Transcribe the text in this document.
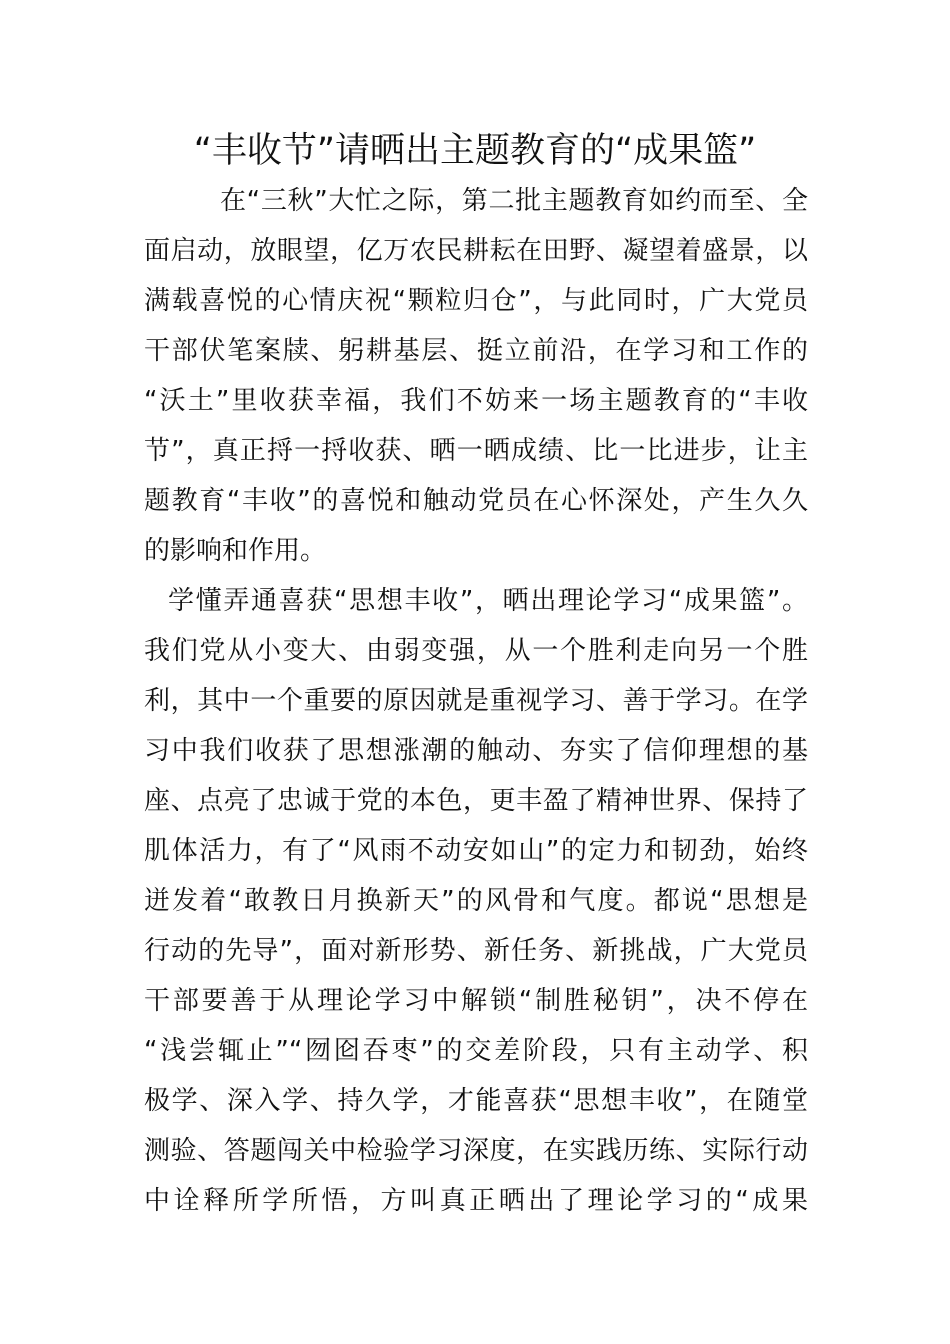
“丰收节”请晒出主题教育的“成果篮”
在“三秋”大忙之际，第二批主题教育如约而至、全
面启动，放眼望，亿万农民耕耘在田野、凝望着盛景，以
满载喜悦的心情庆祝“颗粒归仓”，与此同时，广大党员
干部伏笔案牍、躬耕基层、挺立前沿，在学习和工作的
“沃土”里收获幸福，我们不妨来一场主题教育的“丰收
节”，真正捋一捋收获、晒一晒成绩、比一比进步，让主
题教育“丰收”的喜悦和触动党员在心怀深处，产生久久
的影响和作用。
学懂弄通喜获“思想丰收”，晒出理论学习“成果篮”。
我们党从小变大、由弱变强，从一个胜利走向另一个胜
利，其中一个重要的原因就是重视学习、善于学习。在学
习中我们收获了思想涨潮的触动、夯实了信仰理想的基
座、点亮了忠诚于党的本色，更丰盈了精神世界、保持了
肌体活力，有了“风雨不动安如山”的定力和韧劲，始终
迸发着“敢教日月换新天”的风骨和气度。都说“思想是
行动的先导”，面对新形势、新任务、新挑战，广大党员
干部要善于从理论学习中解锁“制胜秘钥”，决不停在
“浅尝辄止”“囫囵吞枣”的交差阶段，只有主动学、积
极学、深入学、持久学，才能喜获“思想丰收”，在随堂
测验、答题闯关中检验学习深度，在实践历练、实际行动
中诠释所学所悟，方叫真正晒出了理论学习的“成果
